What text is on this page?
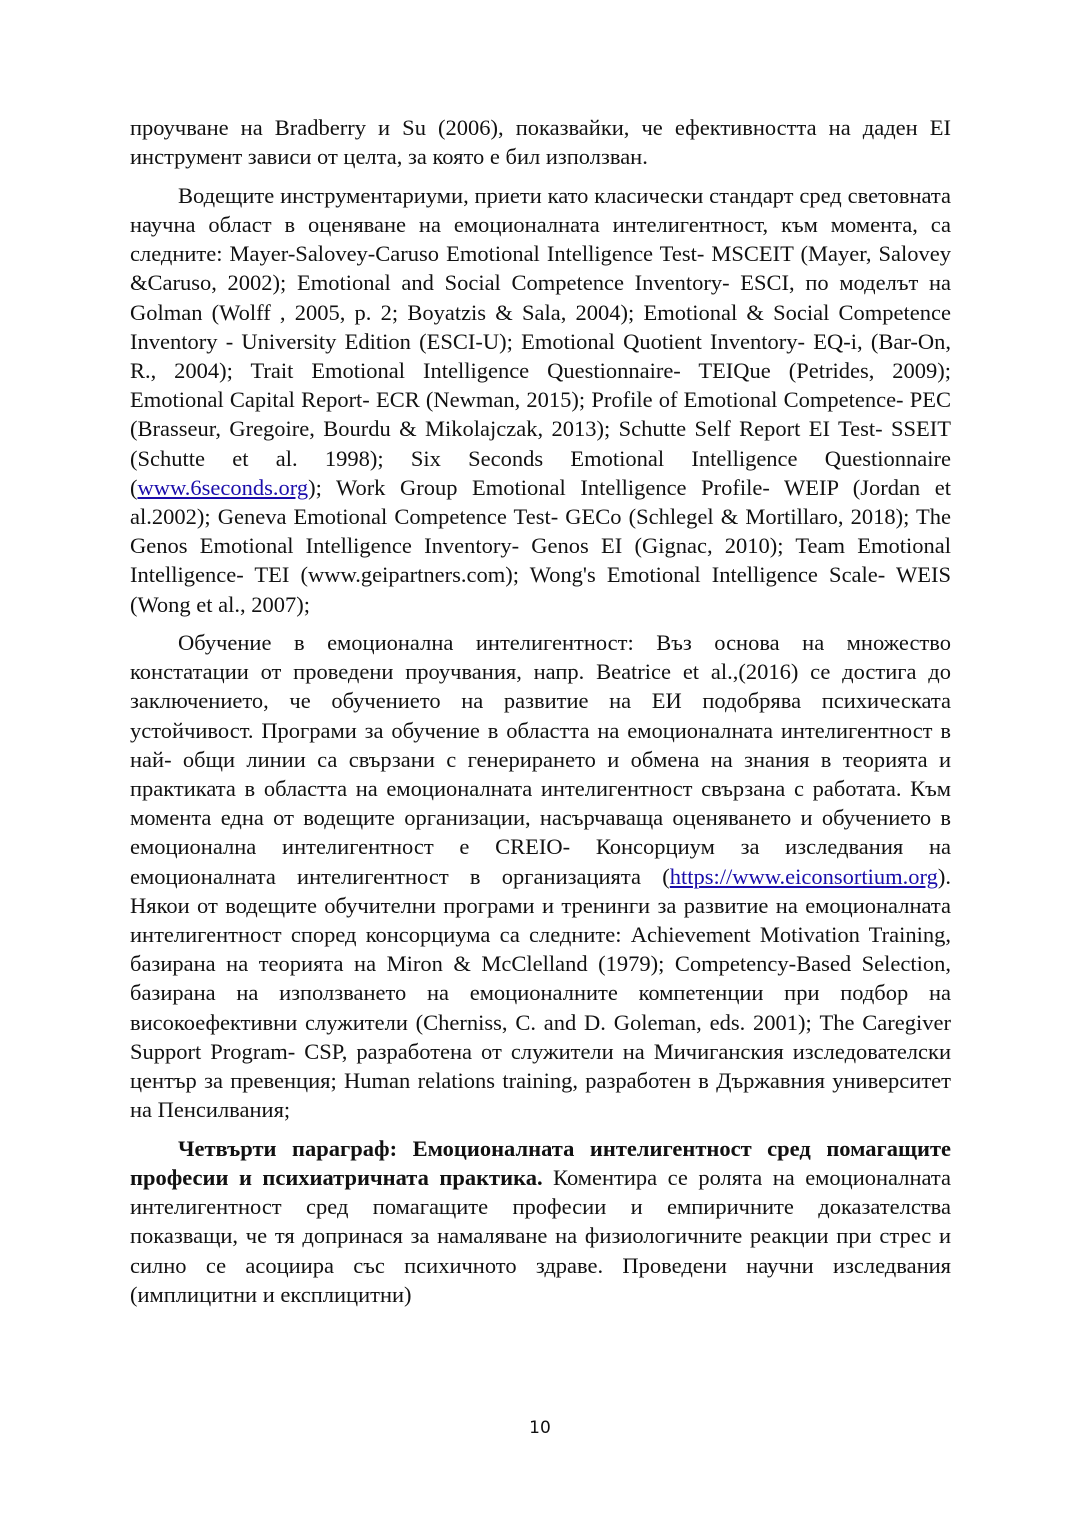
проучване на Bradberry и Su (2006), показвайки, че ефективността на даден EI инструмент зависи от целта, за която е бил използван.

Водещите инструментариуми, приети като класически стандарт сред световната научна област в оценяване на емоционалната интелигентност, към момента, са следните: Mayer-Salovey-Caruso Emotional Intelligence Test- MSCEIT (Mayer, Salovey &Caruso, 2002); Emotional and Social Competence Inventory- ESCI, по моделът на Golman (Wolff , 2005, p. 2; Boyatzis & Sala, 2004); Emotional & Social Competence Inventory - University Edition (ESCI-U); Emotional Quotient Inventory- EQ-i, (Bar-On, R., 2004); Trait Emotional Intelligence Questionnaire- TEIQue (Petrides, 2009); Emotional Capital Report- ECR (Newman, 2015); Profile of Emotional Competence- PEC (Brasseur, Gregoire, Bourdu & Mikolajczak, 2013); Schutte Self Report EI Test- SSEIT (Schutte et al. 1998); Six Seconds Emotional Intelligence Questionnaire (www.6seconds.org); Work Group Emotional Intelligence Profile- WEIP (Jordan et al.2002); Geneva Emotional Competence Test- GECo (Schlegel & Mortillaro, 2018); The Genos Emotional Intelligence Inventory- Genos EI (Gignac, 2010); Team Emotional Intelligence- TEI (www.geipartners.com); Wong's Emotional Intelligence Scale- WEIS (Wong et al., 2007);

Обучение в емоционална интелигентност: Въз основа на множество констатации от проведени проучвания, напр. Beatrice et al.,(2016) се достига до заключението, че обучението на развитие на ЕИ подобрява психическата устойчивост. Програми за обучение в областта на емоционалната интелигентност в най- общи линии са свързани с генерирането и обмена на знания в теорията и практиката в областта на емоционалната интелигентност свързана с работата. Към момента една от водещите организации, насърчаваща оценяването и обучението в емоционална интелигентност е CREIO- Консорциум за изследвания на емоционалната интелигентност в организацията (https://www.eiconsortium.org). Някои от водещите обучителни програми и тренинги за развитие на емоционалната интелигентност според консорциума са следните: Achievement Motivation Training, базирана на теорията на Miron & McClelland (1979); Competency-Based Selection, базирана на използването на емоционалните компетенции при подбор на високоефективни служители (Cherniss, C. and D. Goleman, eds. 2001); The Caregiver Support Program- CSP, разработена от служители на Мичиганския изследователски център за превенция; Human relations training, разработен в Държавния университет на Пенсилвания;

Четвърти параграф: Емоционалната интелигентност сред помагащите професии и психиатричната практика. Коментира се ролята на емоционалната интелигентност сред помагащите професии и емпиричните доказателства показващи, че тя допринася за намаляване на физиологичните реакции при стрес и силно се асоциира със психичното здраве. Проведени научни изследвания (имплицитни и експлицитни)

10
